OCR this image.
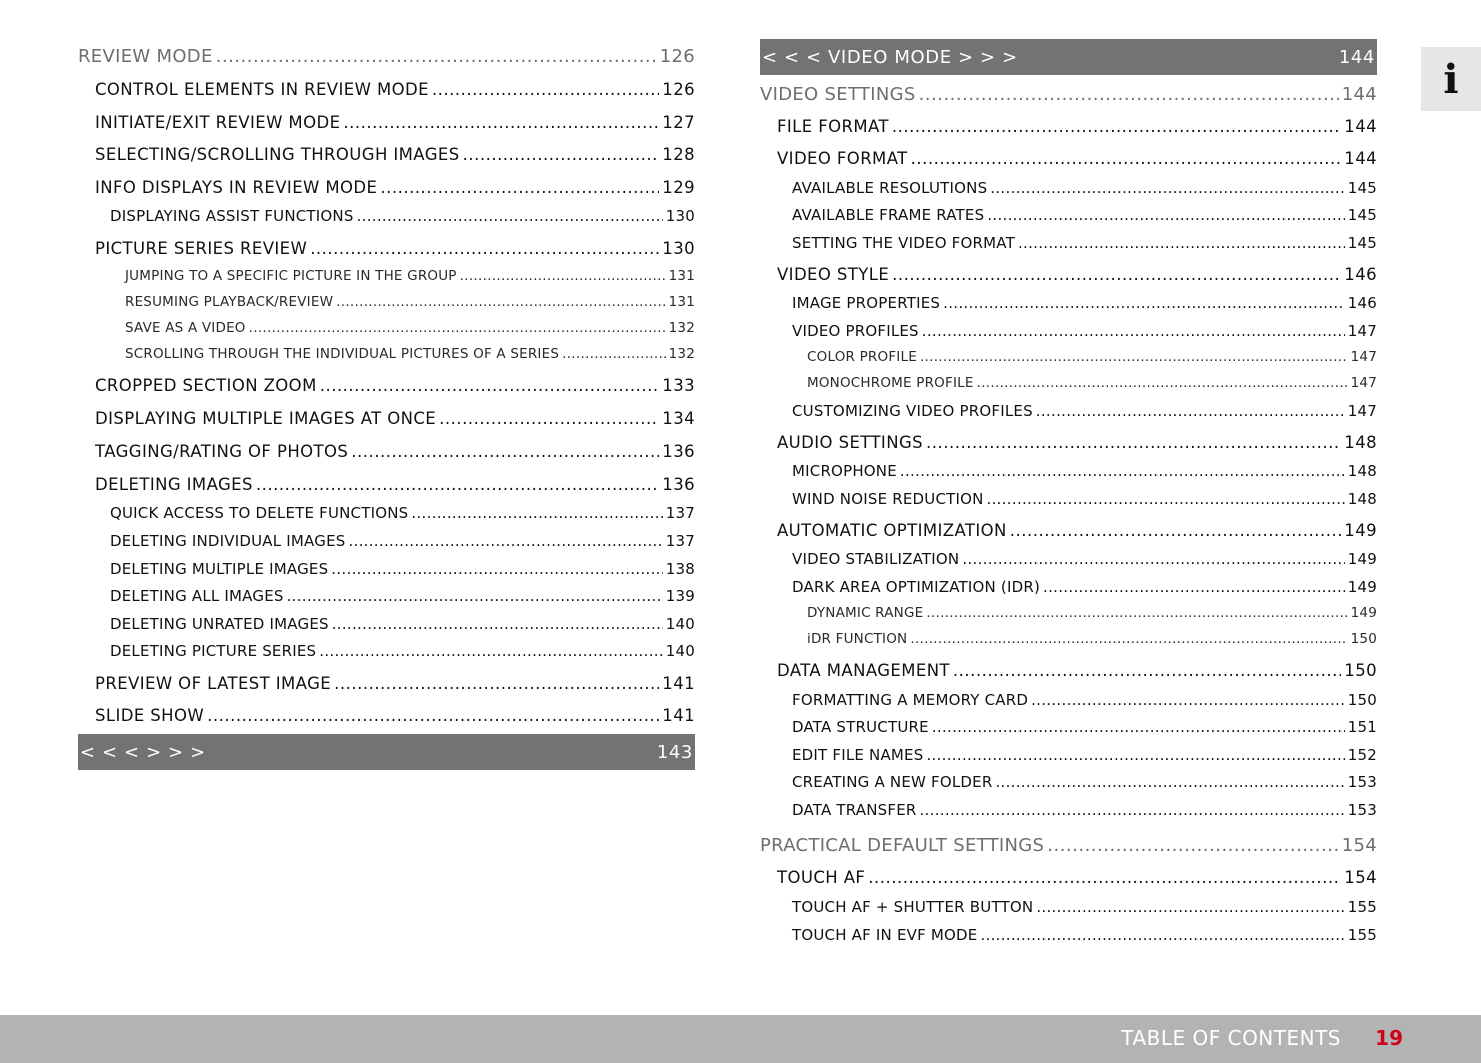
< < < > > >	143
REVIEW MODE .....	126
CONTROL ELEMENTS IN REVIEW MODE .....	126
INITIATE/EXIT REVIEW MODE .....	127
SELECTING/SCROLLING THROUGH IMAGES .....	128
INFO DISPLAYS IN REVIEW MODE .....	129
DISPLAYING ASSIST FUNCTIONS .....	130
PICTURE SERIES REVIEW .....	130
JUMPING TO A SPECIFIC PICTURE IN THE GROUP .....	131
RESUMING PLAYBACK/REVIEW .....	131
SAVE AS A VIDEO .....	132
SCROLLING THROUGH THE INDIVIDUAL PICTURES OF A SERIES .....	132
CROPPED SECTION ZOOM .....	133
DISPLAYING MULTIPLE IMAGES AT ONCE .....	134
TAGGING/RATING OF PHOTOS .....	136
DELETING IMAGES .....	136
QUICK ACCESS TO DELETE FUNCTIONS .....	137
DELETING INDIVIDUAL IMAGES .....	137
DELETING MULTIPLE IMAGES .....	138
DELETING ALL IMAGES .....	139
DELETING UNRATED IMAGES .....	140
DELETING PICTURE SERIES .....	140
PREVIEW OF LATEST IMAGE .....	141
SLIDE SHOW .....	141
< < < VIDEO MODE > > >	144
VIDEO SETTINGS .....	144
FILE FORMAT .....	144
VIDEO FORMAT .....	144
AVAILABLE RESOLUTIONS .....	145
AVAILABLE FRAME RATES .....	145
SETTING THE VIDEO FORMAT .....	145
VIDEO STYLE .....	146
IMAGE PROPERTIES .....	146
VIDEO PROFILES .....	147
COLOR PROFILE .....	147
MONOCHROME PROFILE .....	147
CUSTOMIZING VIDEO PROFILES .....	147
AUDIO SETTINGS .....	148
MICROPHONE .....	148
WIND NOISE REDUCTION .....	148
AUTOMATIC OPTIMIZATION .....	149
VIDEO STABILIZATION .....	149
DARK AREA OPTIMIZATION (IDR) .....	149
DYNAMIC RANGE .....	149
iDR FUNCTION .....	150
DATA MANAGEMENT .....	150
FORMATTING A MEMORY CARD .....	150
DATA STRUCTURE .....	151
EDIT FILE NAMES .....	152
CREATING A NEW FOLDER .....	153
DATA TRANSFER .....	153
PRACTICAL DEFAULT SETTINGS .....	154
TOUCH AF .....	154
TOUCH AF + SHUTTER BUTTON .....	155
TOUCH AF IN EVF MODE .....	155
i
TABLE OF CONTENTS 19
